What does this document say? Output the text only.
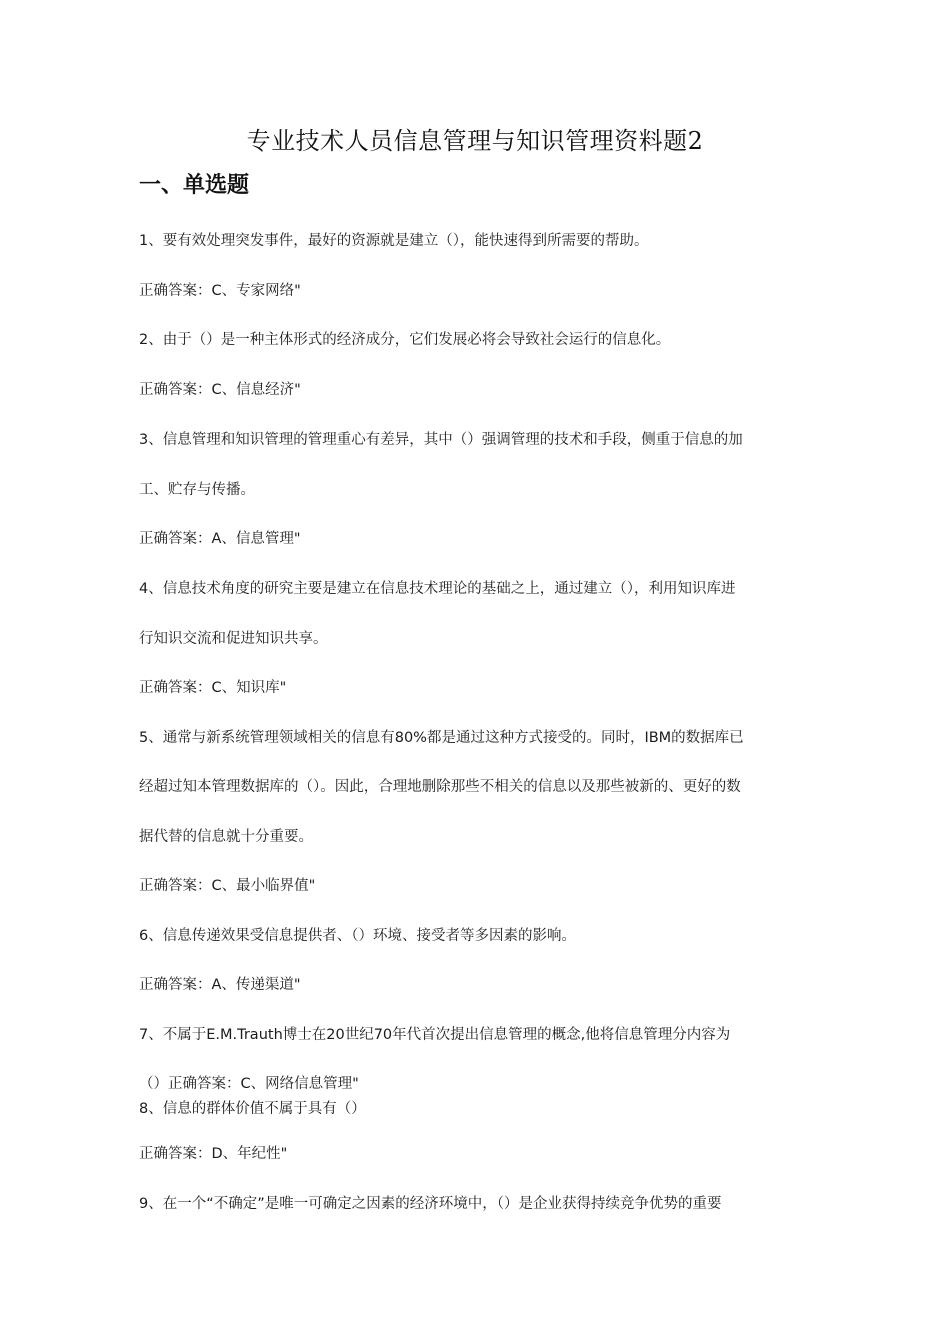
专业技术人员信息管理与知识管理资料题2
一、单选题

1、要有效处理突发事件，最好的资源就是建立（），能快速得到所需要的帮助。

正确答案：C、专家网络"

2、由于（）是一种主体形式的经济成分，它们发展必将会导致社会运行的信息化。

正确答案：C、信息经济"

3、信息管理和知识管理的管理重心有差异，其中（）强调管理的技术和手段，侧重于信息的加

工、贮存与传播。

正确答案：A、信息管理"

4、信息技术角度的研究主要是建立在信息技术理论的基础之上，通过建立（），利用知识库进

行知识交流和促进知识共享。

正确答案：C、知识库"

5、通常与新系统管理领域相关的信息有80%都是通过这种方式接受的。同时，IBM的数据库已

经超过知本管理数据库的（）。因此，合理地删除那些不相关的信息以及那些被新的、更好的数

据代替的信息就十分重要。

正确答案：C、最小临界值"

6、信息传递效果受信息提供者、（）环境、接受者等多因素的影响。

正确答案：A、传递渠道"

7、不属于E.M.Trauth博士在20世纪70年代首次提出信息管理的概念,他将信息管理分内容为

（）正确答案：C、网络信息管理"

8、信息的群体价值不属于具有（）

正确答案：D、年纪性"

9、在一个“不确定”是唯一可确定之因素的经济环境中，（）是企业获得持续竞争优势的重要
